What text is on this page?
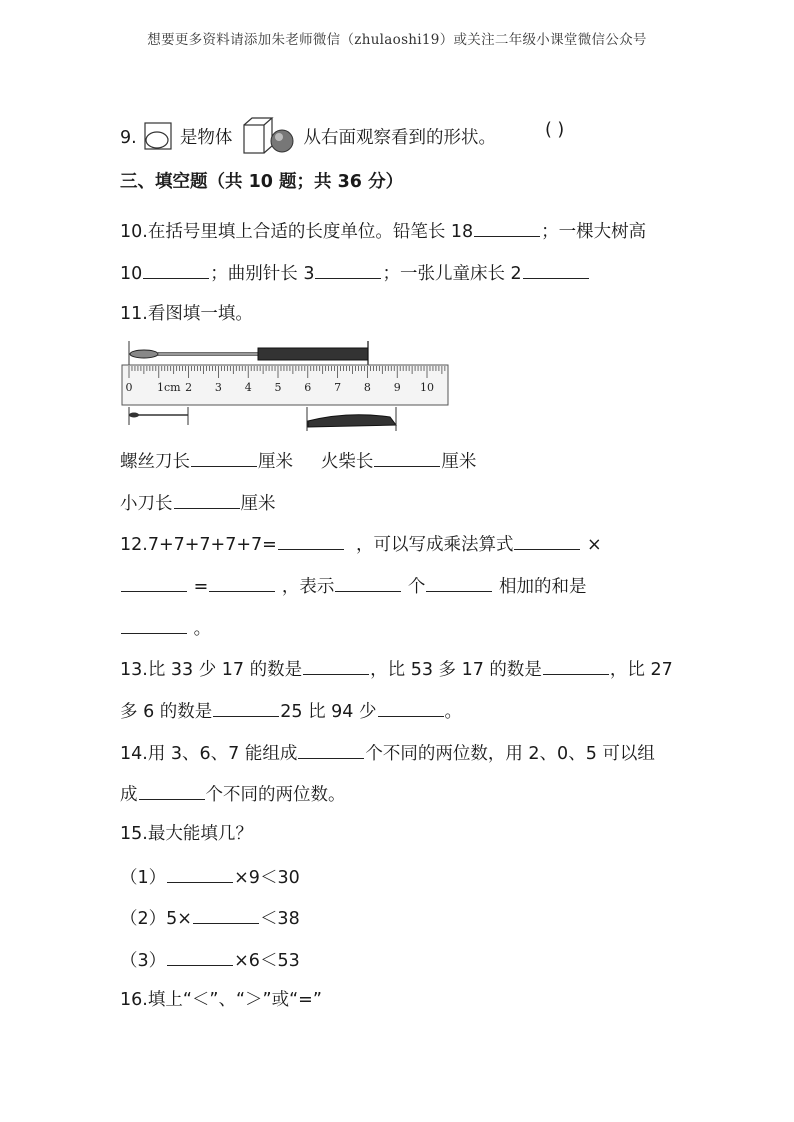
想要更多资料请添加朱老师微信（zhulaoshi19）或关注二年级小课堂微信公众号
9. 是物体	从右面观察看到的形状。	( )
三、填空题（共 10 题；共 36 分）
10.在括号里填上合适的长度单位。铅笔长 18	；一棵大树高
10	；曲别针长 3	；一张儿童床长 2
11.看图填一填。
0 1cm 2 3 4 5 6 7 8 9 10
螺丝刀长	厘米 火柴长	厘米
小刀长	厘米
12.7+7+7+7+7=	，可以写成乘法算式	×
=	，表示	个	相加的和是
。
13.比 33 少 17 的数是	，比 53 多 17 的数是	，比 27
多 6 的数是	25 比 94 少	。
14.用 3、6、7 能组成	个不同的两位数，用 2、0、5 可以组
成	个不同的两位数。
15.最大能填几？
（1）	×9＜30
（2）5×	＜38
（3）	×6＜53
16.填上“＜”、“＞”或“=”
